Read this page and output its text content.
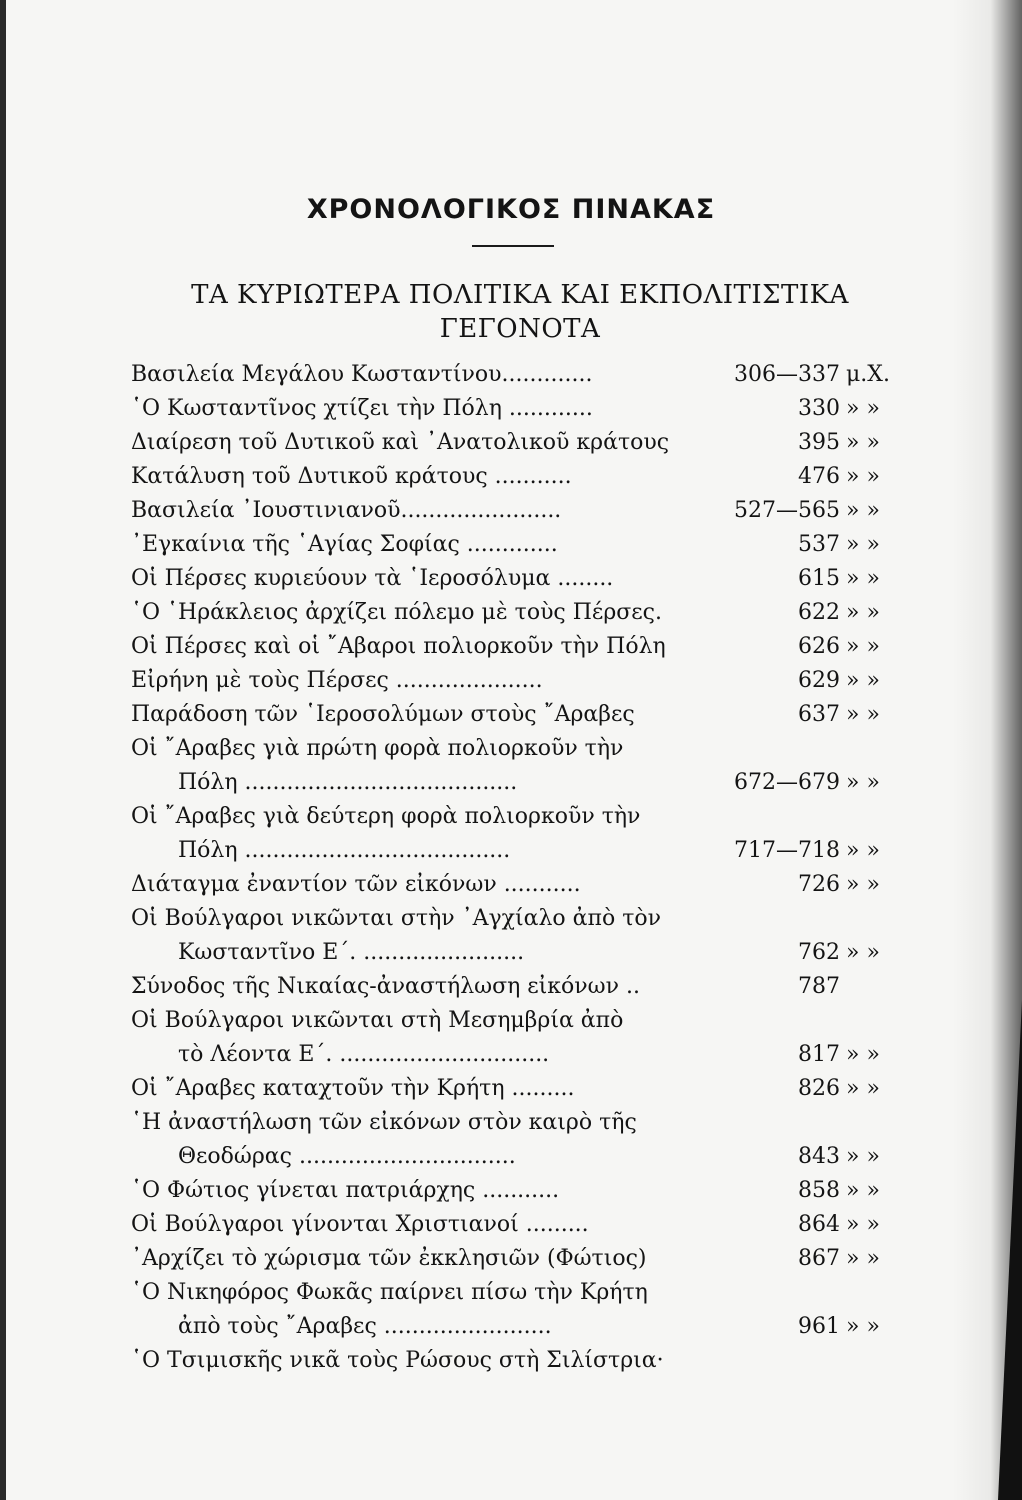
ΧΡΟΝΟΛΟΓΙΚΟΣ ΠΙΝΑΚΑΣ
ΤΑ ΚΥΡΙΩΤΕΡΑ ΠΟΛΙΤΙΚΑ ΚΑΙ ΕΚΠΟΛΙΤΙΣΤΙΚΑ
ΓΕΓΟΝΟΤΑ
Βασιλεία Μεγάλου Κωσταντίνου.............	306—337 μ.Χ.
῾Ο Κωσταντῖνος χτίζει τὴν Πόλη ............	330 » »
Διαίρεση τοῦ Δυτικοῦ καὶ ᾿Ανατολικοῦ κράτους	395 » »
Κατάλυση τοῦ Δυτικοῦ κράτους ...........	476 » »
Βασιλεία ᾿Ιουστινιανοῦ.......................	527—565 » »
᾿Εγκαίνια τῆς ῾Αγίας Σοφίας .............	537 » »
Οἱ Πέρσες κυριεύουν τὰ ῾Ιεροσόλυμα ........	615 » »
῾Ο ῾Ηράκλειος ἀρχίζει πόλεμο μὲ τοὺς Πέρσες.	622 » »
Οἱ Πέρσες καὶ οἱ ῎Αβαροι πολιορκοῦν τὴν Πόλη	626 » »
Εἰρήνη μὲ τοὺς Πέρσες .....................	629 » »
Παράδοση τῶν ῾Ιεροσολύμων στοὺς ῎Αραβες	637 » »
Οἱ ῎Αραβες γιὰ πρώτη φορὰ πολιορκοῦν τὴν
Πόλη .......................................	672—679 » »
Οἱ ῎Αραβες γιὰ δεύτερη φορὰ πολιορκοῦν τὴν
Πόλη ......................................	717—718 » »
Διάταγμα ἐναντίον τῶν εἰκόνων ...........	726 » »
Οἱ Βούλγαροι νικῶνται στὴν ᾿Αγχίαλο ἀπὸ τὸν
Κωσταντῖνο Ε΄. .......................	762 » »
Σύνοδος τῆς Νικαίας-ἀναστήλωση εἰκόνων ..	787
Οἱ Βούλγαροι νικῶνται στὴ Μεσημβρία ἀπὸ
τὸ Λέοντα Ε΄. ..............................	817 » »
Οἱ ῎Αραβες καταχτοῦν τὴν Κρήτη .........	826 » »
῾Η ἀναστήλωση τῶν εἰκόνων στὸν καιρὸ τῆς
Θεοδώρας ...............................	843 » »
῾Ο Φώτιος γίνεται πατριάρχης ...........	858 » »
Οἱ Βούλγαροι γίνονται Χριστιανοί .........	864 » »
᾿Αρχίζει τὸ χώρισμα τῶν ἐκκλησιῶν (Φώτιος)	867 » »
῾Ο Νικηφόρος Φωκᾶς παίρνει πίσω τὴν Κρήτη
ἀπὸ τοὺς ῎Αραβες ........................	961 » »
῾Ο Τσιμισκῆς νικᾶ τοὺς Ρώσους στὴ Σιλίστρια·
